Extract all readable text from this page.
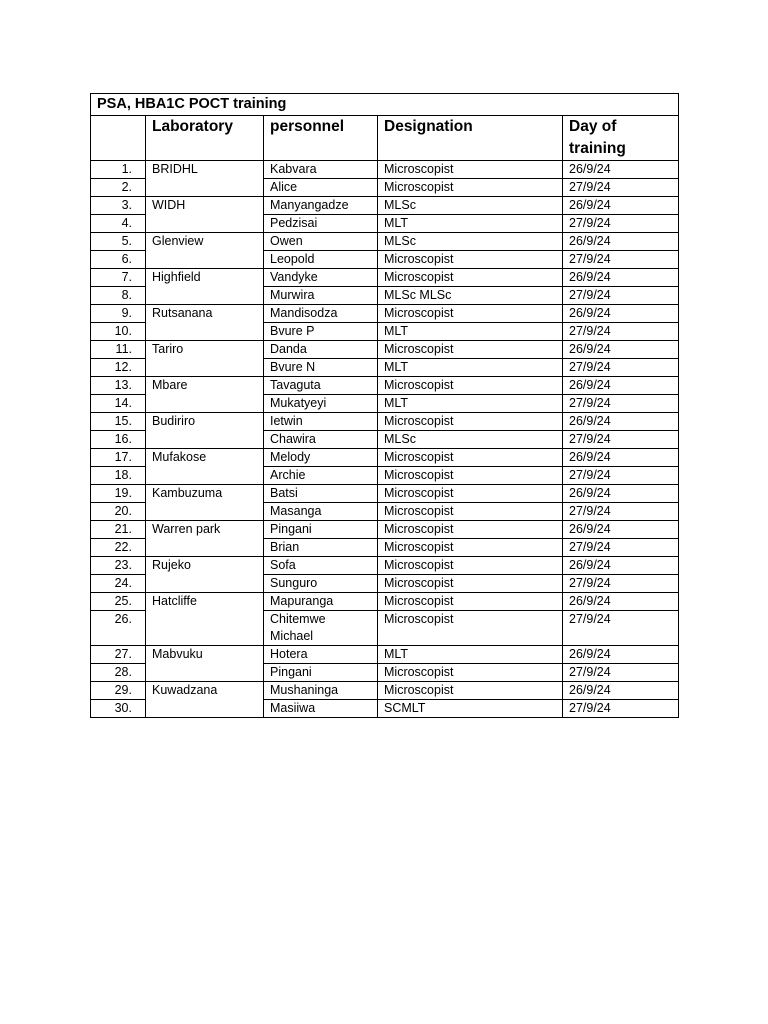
PSA, HBA1C POCT training				
	Laboratory	personnel	Designation	Day of training
1.	BRIDHL	Kabvara	Microscopist	26/9/24
2.		Alice	Microscopist	27/9/24
3.	WIDH	Manyangadze	MLSc	26/9/24
4.		Pedzisai	MLT	27/9/24
5.	Glenview	Owen	MLSc	26/9/24
6.		Leopold	Microscopist	27/9/24
7.	Highfield	Vandyke	Microscopist	26/9/24
8.		Murwira	MLSc MLSc	27/9/24
9.	Rutsanana	Mandisodza	Microscopist	26/9/24
10.		Bvure P	MLT	27/9/24
11.	Tariro	Danda	Microscopist	26/9/24
12.		Bvure N	MLT	27/9/24
13.	Mbare	Tavaguta	Microscopist	26/9/24
14.		Mukatyeyi	MLT	27/9/24
15.	Budiriro	Ietwin	Microscopist	26/9/24
16.		Chawira	MLSc	27/9/24
17.	Mufakose	Melody	Microscopist	26/9/24
18.		Archie	Microscopist	27/9/24
19.	Kambuzuma	Batsi	Microscopist	26/9/24
20.		Masanga	Microscopist	27/9/24
21.	Warren park	Pingani	Microscopist	26/9/24
22.		Brian	Microscopist	27/9/24
23.	Rujeko	Sofa	Microscopist	26/9/24
24.		Sunguro	Microscopist	27/9/24
25.	Hatcliffe	Mapuranga	Microscopist	26/9/24
26.		Chitemwe Michael	Microscopist	27/9/24
27.	Mabvuku	Hotera	MLT	26/9/24
28.		Pingani	Microscopist	27/9/24
29.	Kuwadzana	Mushaninga	Microscopist	26/9/24
30.		Masiiwa	SCMLT	27/9/24
